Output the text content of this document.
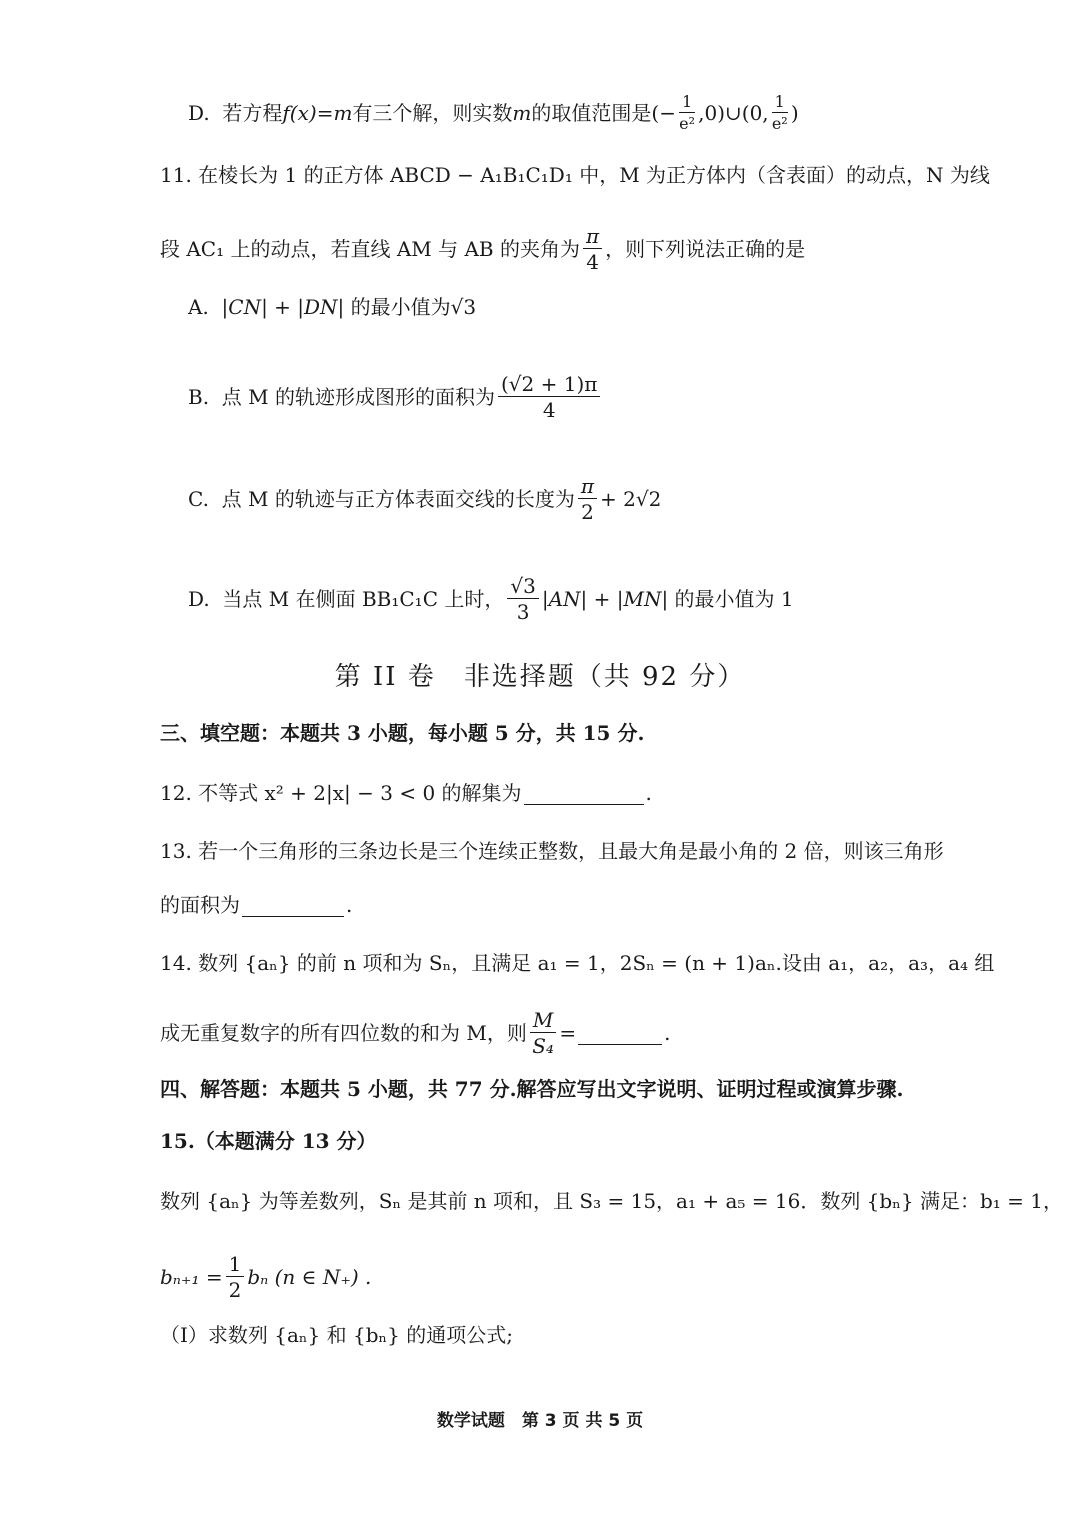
D.
若方程 f(x)=m 有三个解，则实数 m 的取值范围是 (− $\frac{1}{\text{e²}}$ ,0)∪(0, $\frac{1}{\text{e²}}$ )
11.
在棱长为 1 的正方体 ABCD − A₁B₁C₁D₁ 中，M 为正方体内（含表面）的动点，N 为线
段 AC₁ 上的动点，若直线 AM 与 AB 的夹角为 $\frac{\pi}{4}$ ，则下列说法正确的是
A.
|CN| + |DN|
的最小值为 √3
B.
点 M 的轨迹形成图形的面积为 $\frac{(√2 + 1)\pi}{4}$
C.
点 M 的轨迹与正方体表面交线的长度为 $\frac{\pi}{2} + 2√2$
D.
当点 M 在侧面 BB₁C₁C 上时， $\frac{√3}{3} |AN| + |MN|$
的最小值为 1
第 II 卷　非选择题（共 92 分）
三、填空题：本题共 3 小题，每小题 5 分，共 15 分.
12.
不等式 x² + 2|x| − 3 < 0 的解集为	.
13.
若一个三角形的三条边长是三个连续正整数，且最大角是最小角的 2 倍，则该三角形
的面积为	.
14.
数列 {aₙ} 的前 n 项和为 Sₙ，且满足 a₁ = 1，2Sₙ = (n + 1)aₙ.设由 a₁，a₂，a₃，a₄ 组
成无重复数字的所有四位数的和为 M，则 $\frac{M}{\text{S₄}}$ =	.
四、解答题：本题共 5 小题，共 77 分.解答应写出文字说明、证明过程或演算步骤.
15.（本题满分 13 分）
数列 {aₙ} 为等差数列，Sₙ 是其前 n 项和，且 S₃ = 15，a₁ + a₅ = 16．数列 {bₙ} 满足：b₁ = 1，
$b_{n+1} = \frac{1}{2}$ bₙ (n ∈ N₊) .
（Ⅰ）求数列 {aₙ} 和 {bₙ} 的通项公式;
数学试题　第 3 页 共 5 页
